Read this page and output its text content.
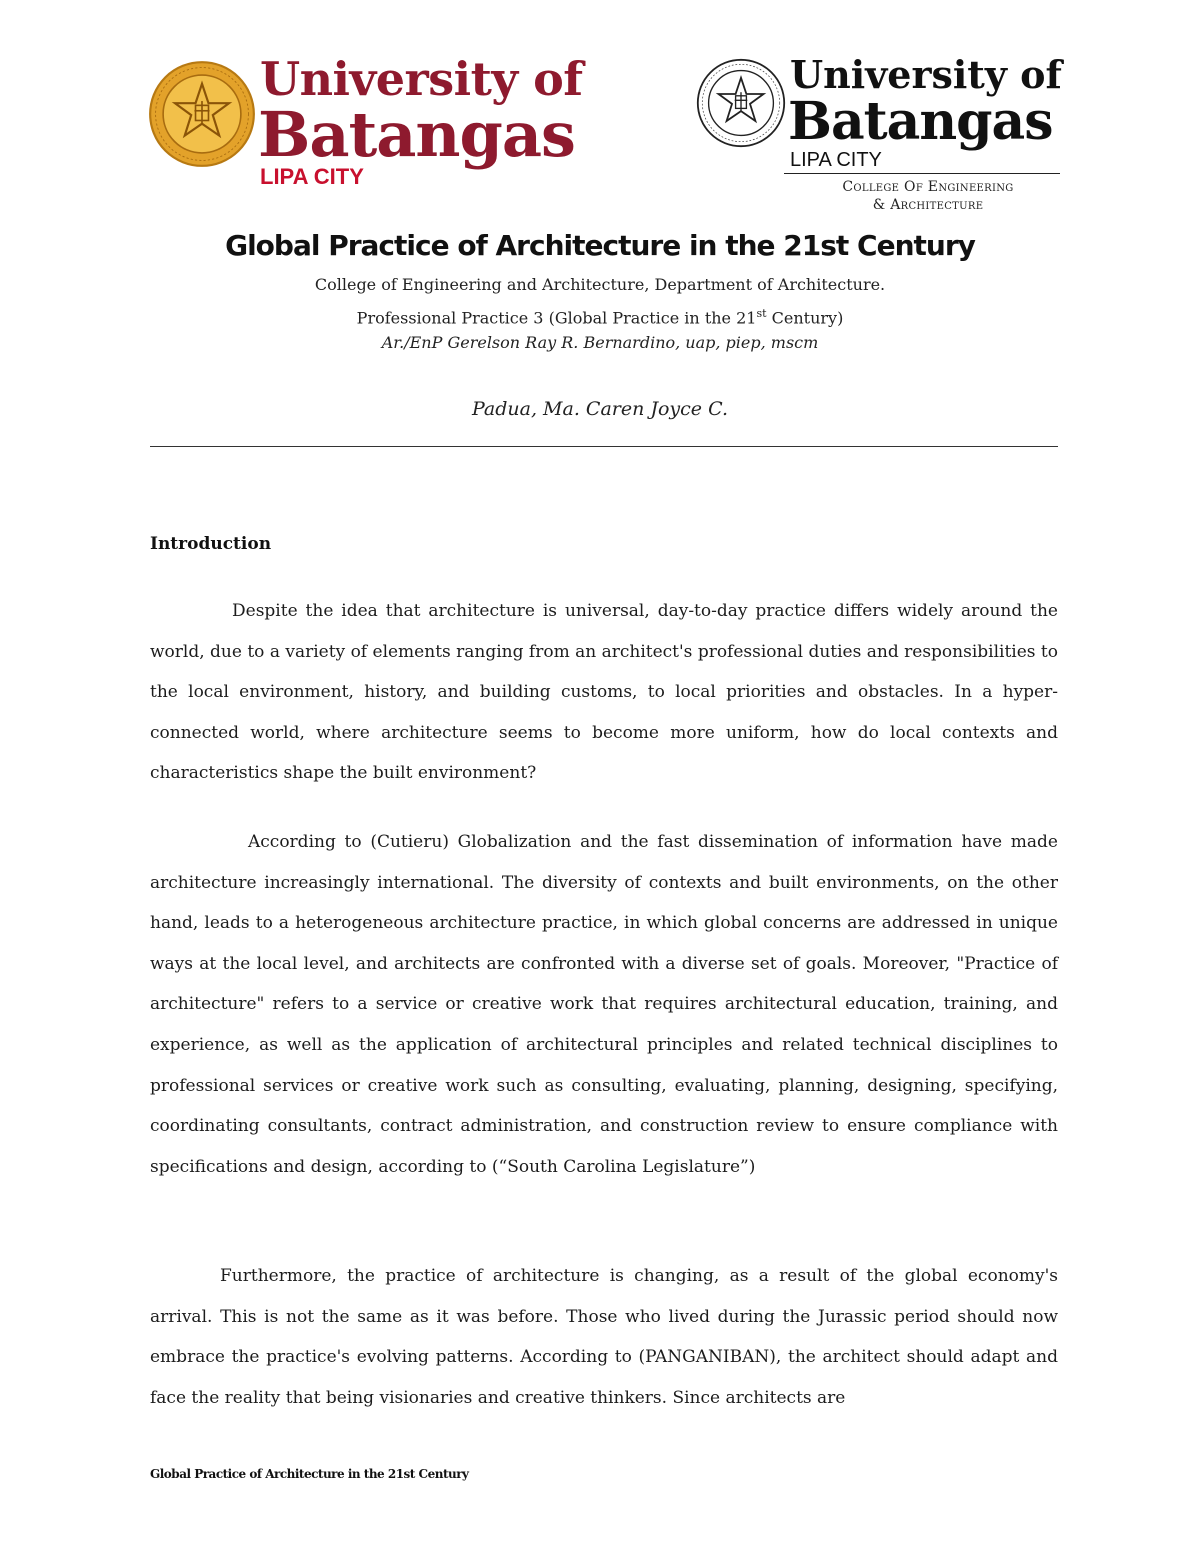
University of
Batangas
LIPA CITY
University of
Batangas
LIPA CITY
College Of Engineering
& Architecture
Global Practice of Architecture in the 21st Century
College of Engineering and Architecture, Department of Architecture.
Professional Practice 3 (Global Practice in the 21st Century)
Ar./EnP Gerelson Ray R. Bernardino, uap, piep, mscm
Padua, Ma. Caren Joyce C.
Introduction

Despite the idea that architecture is universal, day-to-day practice differs widely around the world, due to a variety of elements ranging from an architect's professional duties and responsibilities to the local environment, history, and building customs, to local priorities and obstacles. In a hyper-connected world, where architecture seems to become more uniform, how do local contexts and characteristics shape the built environment?

According to (Cutieru) Globalization and the fast dissemination of information have made architecture increasingly international. The diversity of contexts and built environments, on the other hand, leads to a heterogeneous architecture practice, in which global concerns are addressed in unique ways at the local level, and architects are confronted with a diverse set of goals. Moreover, "Practice of architecture" refers to a service or creative work that requires architectural education, training, and experience, as well as the application of architectural principles and related technical disciplines to professional services or creative work such as consulting, evaluating, planning, designing, specifying, coordinating consultants, contract administration, and construction review to ensure compliance with specifications and design, according to (“South Carolina Legislature”)

Furthermore, the practice of architecture is changing, as a result of the global economy's arrival. This is not the same as it was before. Those who lived during the Jurassic period should now embrace the practice's evolving patterns. According to (PANGANIBAN), the architect should adapt and face the reality that being visionaries and creative thinkers. Since architects are

Global Practice of Architecture in the 21st Century
